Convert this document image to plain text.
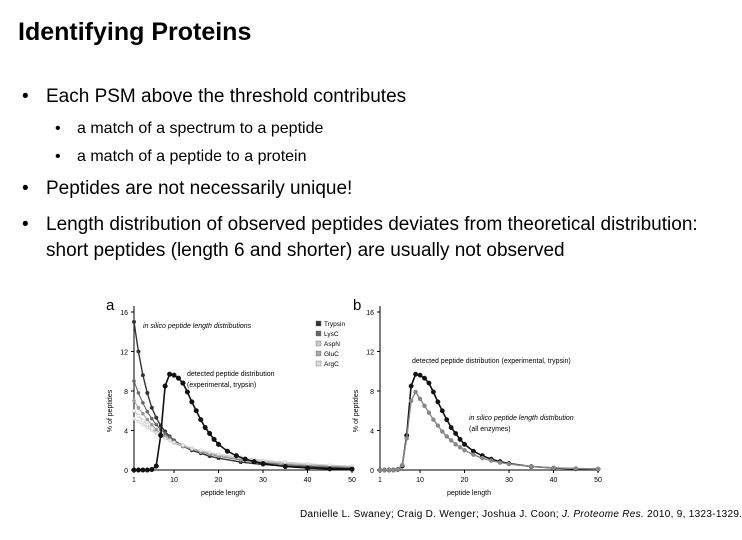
Identifying Proteins
• Each PSM above the threshold contributes
• a match of a spectrum to a peptide
• a match of a peptide to a protein
• Peptides are not necessarily unique!
• Length distribution of observed peptides deviates from theoretical distribution: short peptides (length 6 and shorter) are usually not observed
a
0
4
8
12
16
1	10	20	30	40	50
peptide length
% of peptides
in silico peptide length distributions
detected peptide distribution
(experimental, trypsin)
Trypsin
LysC
AspN
GluC
ArgC
b
0
4
8
12
16
1	10	20	30	40	50
peptide length
% of peptides
detected peptide distribution (experimental, trypsin)
in silico peptide length distribution
(all enzymes)
Danielle L. Swaney; Craig D. Wenger; Joshua J. Coon; J. Proteome Res. 2010, 9, 1323-1329.
